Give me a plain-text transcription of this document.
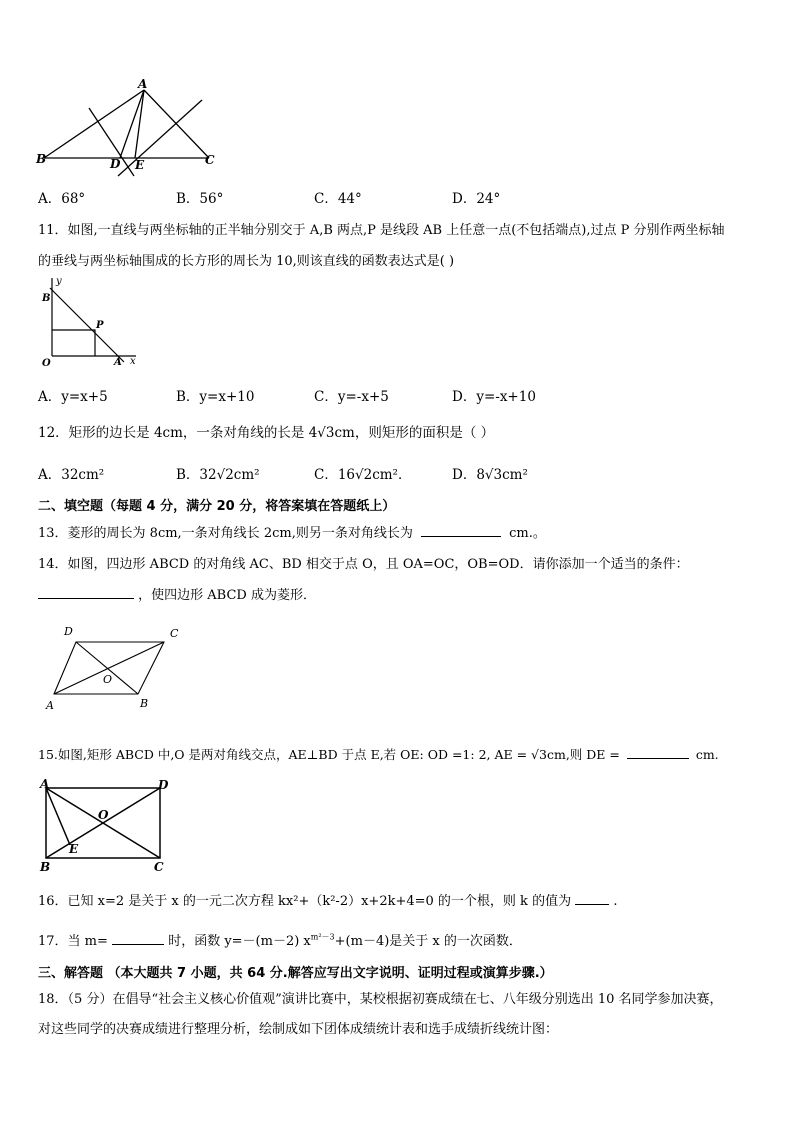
A
B	C
D E
A．68°	B．56°	C．44°	D．24°
11．如图,一直线与两坐标轴的正半轴分别交于 A,B 两点,P 是线段 AB 上任意一点(不包括端点),过点 P 分别作两坐标轴
的垂线与两坐标轴围成的长方形的周长为 10,则该直线的函数表达式是( )
y
B
P
O	A x
A．y=x+5	B．y=x+10	C．y=-x+5	D．y=-x+10
12．矩形的边长是 4cm，一条对角线的长是 4√3cm，则矩形的面积是（ ）
A．32cm²	B．32√2cm²	C．16√2cm²．	D．8√3cm²
二、填空题（每题 4 分，满分 20 分，将答案填在答题纸上）
13．菱形的周长为 8cm,一条对角线长 2cm,则另一条对角线长为	cm.。
14．如图，四边形 ABCD 的对角线 AC、BD 相交于点 O，且 OA=OC，OB=OD．请你添加一个适当的条件：
，使四边形 ABCD 成为菱形．
D	C
O
A	B
15.如图,矩形 ABCD 中,O 是两对角线交点，AE⊥BD 于点 E,若 OE: OD =1: 2, AE = √3cm,则 DE =	cm.
A	D
O
E
B	C
16．已知 x=2 是关于 x 的一元二次方程 kx²+（k²-2）x+2k+4=0 的一个根，则 k 的值为	.
17．当 m=	时，函数 y=－(m－2) $x^{m^2-3}+(m-4)$是关于 x 的一次函数．
三、解答题 （本大题共 7 小题，共 64 分.解答应写出文字说明、证明过程或演算步骤.）
18．（5 分）在倡导“社会主义核心价值观”演讲比赛中，某校根据初赛成绩在七、八年级分别选出 10 名同学参加决赛，
对这些同学的决赛成绩进行整理分析，绘制成如下团体成绩统计表和选手成绩折线统计图：
